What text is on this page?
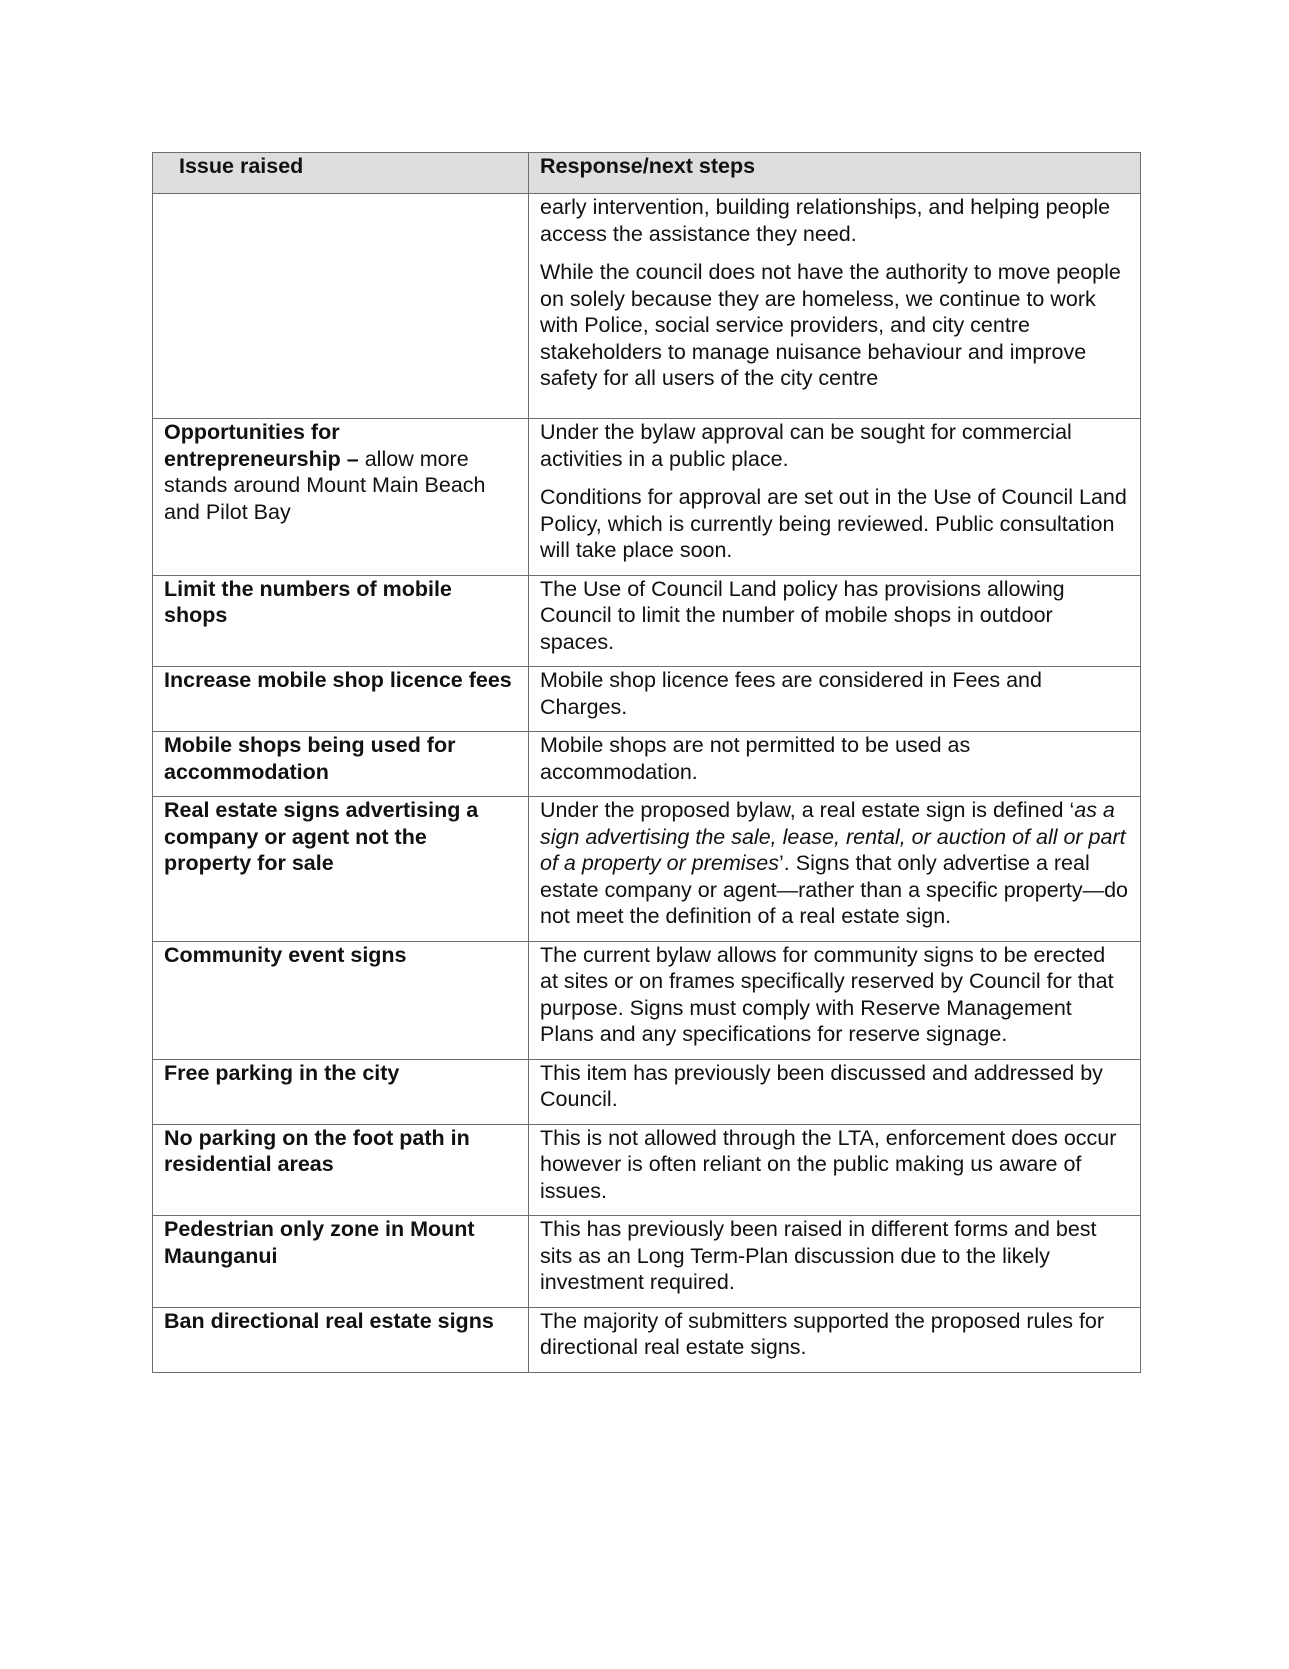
Issue raised	Response/next steps

	early intervention, building relationships, and helping people access the assistance they need.

While the council does not have the authority to move people on solely because they are homeless, we continue to work with Police, social service providers, and city centre stakeholders to manage nuisance behaviour and improve safety for all users of the city centre

Opportunities for entrepreneurship – allow more stands around Mount Main Beach and Pilot Bay	Under the bylaw approval can be sought for commercial activities in a public place.

Conditions for approval are set out in the Use of Council Land Policy, which is currently being reviewed. Public consultation will take place soon.

Limit the numbers of mobile shops	The Use of Council Land policy has provisions allowing Council to limit the number of mobile shops in outdoor spaces.

Increase mobile shop licence fees	Mobile shop licence fees are considered in Fees and Charges.

Mobile shops being used for accommodation	Mobile shops are not permitted to be used as accommodation.

Real estate signs advertising a company or agent not the property for sale	Under the proposed bylaw, a real estate sign is defined ‘as a sign advertising the sale, lease, rental, or auction of all or part of a property or premises’. Signs that only advertise a real estate company or agent—rather than a specific property—do not meet the definition of a real estate sign.

Community event signs	The current bylaw allows for community signs to be erected at sites or on frames specifically reserved by Council for that purpose. Signs must comply with Reserve Management Plans and any specifications for reserve signage.

Free parking in the city	This item has previously been discussed and addressed by Council.

No parking on the foot path in residential areas	This is not allowed through the LTA, enforcement does occur however is often reliant on the public making us aware of issues.

Pedestrian only zone in Mount Maunganui	This has previously been raised in different forms and best sits as an Long Term-Plan discussion due to the likely investment required.

Ban directional real estate signs	The majority of submitters supported the proposed rules for directional real estate signs.
